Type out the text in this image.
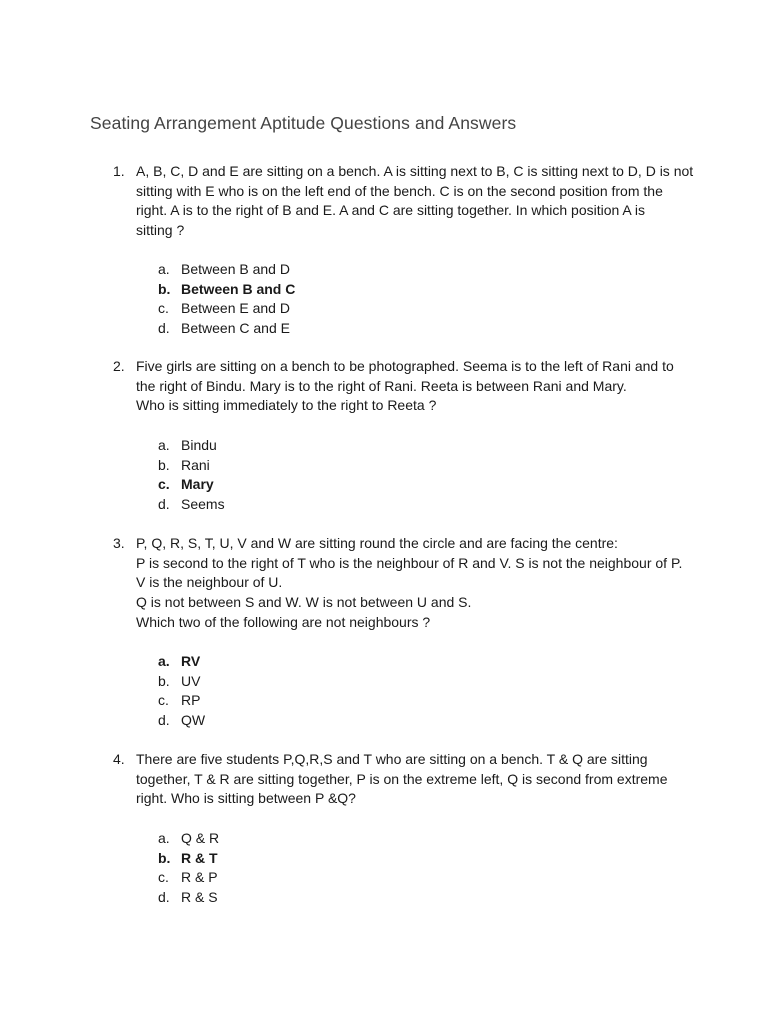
Seating Arrangement Aptitude Questions and Answers
1. A, B, C, D and E are sitting on a bench. A is sitting next to B, C is sitting next to D, D is not
sitting with E who is on the left end of the bench. C is on the second position from the
right. A is to the right of B and E. A and C are sitting together. In which position A is
sitting ?
a. Between B and D
b. Between B and C
c. Between E and D
d. Between C and E
2. Five girls are sitting on a bench to be photographed. Seema is to the left of Rani and to
the right of Bindu. Mary is to the right of Rani. Reeta is between Rani and Mary.
Who is sitting immediately to the right to Reeta ?
a. Bindu
b. Rani
c. Mary
d. Seems
3. P, Q, R, S, T, U, V and W are sitting round the circle and are facing the centre:
P is second to the right of T who is the neighbour of R and V. S is not the neighbour of P.
V is the neighbour of U.
Q is not between S and W. W is not between U and S.
Which two of the following are not neighbours ?
a. RV
b. UV
c. RP
d. QW
4. There are five students P,Q,R,S and T who are sitting on a bench. T & Q are sitting
together, T & R are sitting together, P is on the extreme left, Q is second from extreme
right. Who is sitting between P &Q?
a. Q & R
b. R & T
c. R & P
d. R & S
